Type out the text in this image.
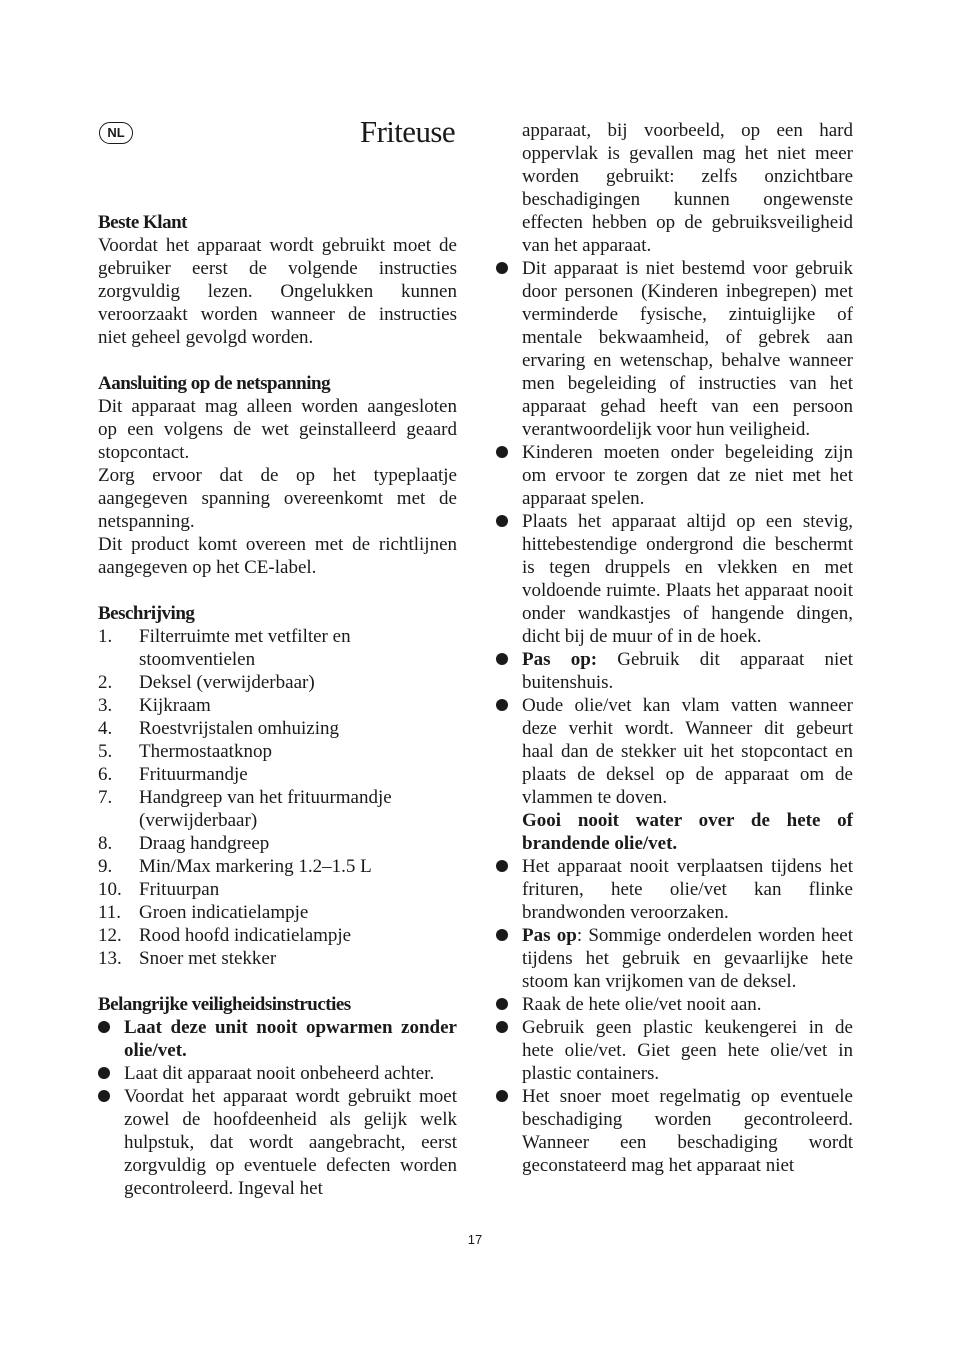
NL	Friteuse

Beste Klant

Voordat het apparaat wordt gebruikt moet de gebruiker eerst de volgende instructies zorgvuldig lezen. Ongelukken kunnen veroorzaakt worden wanneer de instructies niet geheel gevolgd worden.

Aansluiting op de netspanning

Dit apparaat mag alleen worden aangesloten op een volgens de wet geinstalleerd geaard stopcontact.

Zorg ervoor dat de op het typeplaatje aangegeven spanning overeenkomt met de netspanning.

Dit product komt overeen met de richtlijnen aangegeven op het CE-label.

Beschrijving

1. Filterruimte met vetfilter en stoomventielen
2. Deksel (verwijderbaar)
3. Kijkraam
4. Roestvrijstalen omhuizing
5. Thermostaatknop
6. Frituurmandje
7. Handgreep van het frituurmandje (verwijderbaar)
8. Draag handgreep
9. Min/Max markering 1.2–1.5 L
10. Frituurpan
11. Groen indicatielampje
12. Rood hoofd indicatielampje
13. Snoer met stekker

Belangrijke veiligheidsinstructies

Laat deze unit nooit opwarmen zonder olie/vet.
Laat dit apparaat nooit onbeheerd achter.
Voordat het apparaat wordt gebruikt moet zowel de hoofdeenheid als gelijk welk hulpstuk, dat wordt aangebracht, eerst zorgvuldig op eventuele defecten worden gecontroleerd. Ingeval het
apparaat, bij voorbeeld, op een hard oppervlak is gevallen mag het niet meer worden gebruikt: zelfs onzichtbare beschadigingen kunnen ongewenste effecten hebben op de gebruiksveiligheid van het apparaat.
Dit apparaat is niet bestemd voor gebruik door personen (Kinderen inbegrepen) met verminderde fysische, zintuiglijke of mentale bekwaamheid, of gebrek aan ervaring en wetenschap, behalve wanneer men begeleiding of instructies van het apparaat gehad heeft van een persoon verantwoordelijk voor hun veiligheid.
Kinderen moeten onder begeleiding zijn om ervoor te zorgen dat ze niet met het apparaat spelen.
Plaats het apparaat altijd op een stevig, hittebestendige ondergrond die beschermt is tegen druppels en vlekken en met voldoende ruimte. Plaats het apparaat nooit onder wandkastjes of hangende dingen, dicht bij de muur of in de hoek.
Pas op: Gebruik dit apparaat niet buitenshuis.
Oude olie/vet kan vlam vatten wanneer deze verhit wordt. Wanneer dit gebeurt haal dan de stekker uit het stopcontact en plaats de deksel op de apparaat om de vlammen te doven.
Gooi nooit water over de hete of brandende olie/vet.
Het apparaat nooit verplaatsen tijdens het frituren, hete olie/vet kan flinke brandwonden veroorzaken.
Pas op: Sommige onderdelen worden heet tijdens het gebruik en gevaarlijke hete stoom kan vrijkomen van de deksel.
Raak de hete olie/vet nooit aan.
Gebruik geen plastic keukengerei in de hete olie/vet. Giet geen hete olie/vet in plastic containers.
Het snoer moet regelmatig op eventuele beschadiging worden gecontroleerd. Wanneer een beschadiging wordt geconstateerd mag het apparaat niet
17
